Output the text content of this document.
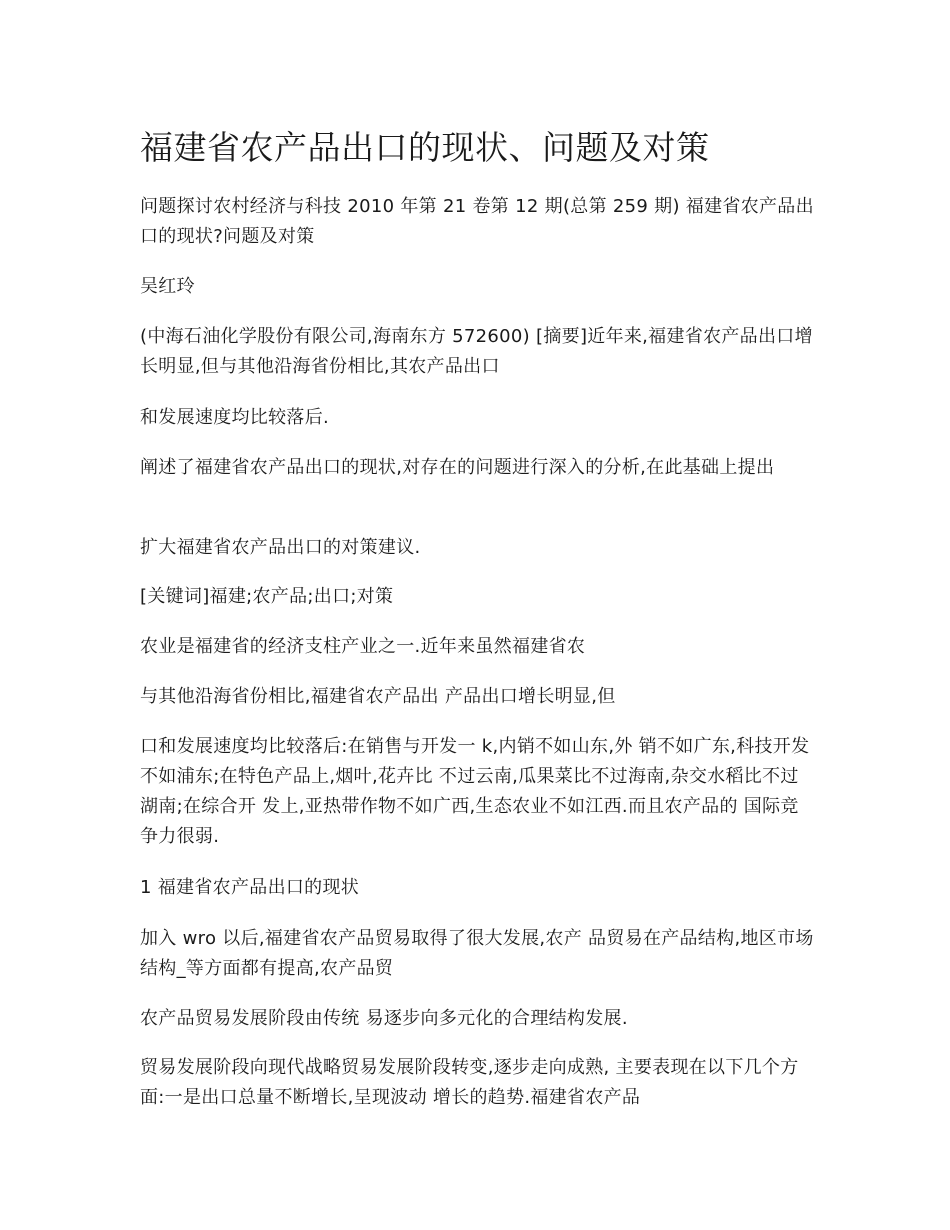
福建省农产品出口的现状、问题及对策

问题探讨农村经济与科技 2010 年第 21 卷第 12 期(总第 259 期) 福建省农产品出口的现状?问题及对策

吴红玲

(中海石油化学股份有限公司,海南东方 572600) [摘要]近年来,福建省农产品出口增长明显,但与其他沿海省份相比,其农产品出口

和发展速度均比较落后.

阐述了福建省农产品出口的现状,对存在的问题进行深入的分析,在此基础上提出

扩大福建省农产品出口的对策建议.

[关键词]福建;农产品;出口;对策

农业是福建省的经济支柱产业之一.近年来虽然福建省农

与其他沿海省份相比,福建省农产品出 产品出口增长明显,但

口和发展速度均比较落后:在销售与开发一 k,内销不如山东,外 销不如广东,科技开发不如浦东;在特色产品上,烟叶,花卉比 不过云南,瓜果菜比不过海南,杂交水稻比不过湖南;在综合开 发上,亚热带作物不如广西,生态农业不如江西.而且农产品的 国际竞争力很弱.

1 福建省农产品出口的现状

加入 wro 以后,福建省农产品贸易取得了很大发展,农产 品贸易在产品结构,地区市场结构_等方面都有提高,农产品贸

农产品贸易发展阶段由传统 易逐步向多元化的合理结构发展.

贸易发展阶段向现代战略贸易发展阶段转变,逐步走向成熟, 主要表现在以下几个方面:一是出口总量不断增长,呈现波动 增长的趋势.福建省农产品
